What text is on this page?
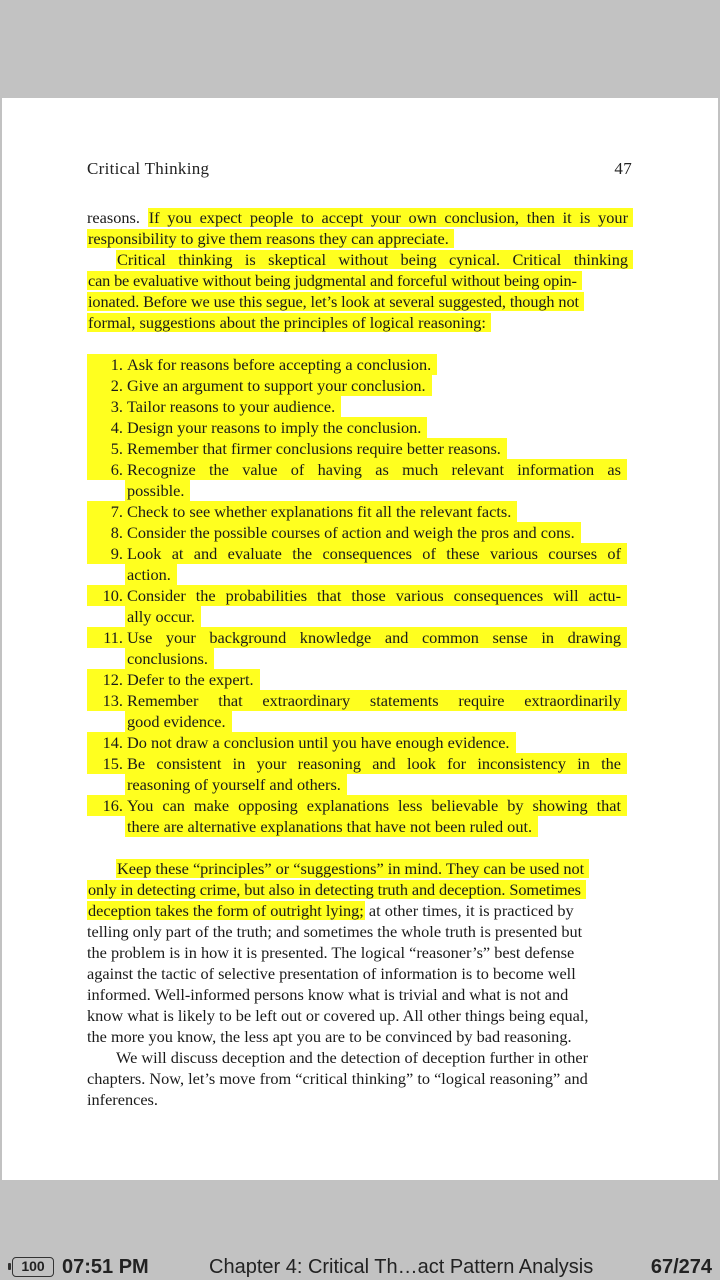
Critical Thinking	47
reasons. If you expect people to accept your own conclusion, then it is your
responsibility to give them reasons they can appreciate.
Critical thinking is skeptical without being cynical. Critical thinking
can be evaluative without being judgmental and forceful without being opin-
ionated. Before we use this segue, let’s look at several suggested, though not
formal, suggestions about the principles of logical reasoning:
1. Ask for reasons before accepting a conclusion.
2. Give an argument to support your conclusion.
3. Tailor reasons to your audience.
4. Design your reasons to imply the conclusion.
5. Remember that firmer conclusions require better reasons.
6. Recognize the value of having as much relevant information as
possible.
7. Check to see whether explanations fit all the relevant facts.
8. Consider the possible courses of action and weigh the pros and cons.
9. Look at and evaluate the consequences of these various courses of
action.
10. Consider the probabilities that those various consequences will actu-
ally occur.
11. Use your background knowledge and common sense in drawing
conclusions.
12. Defer to the expert.
13. Remember that extraordinary statements require extraordinarily
good evidence.
14. Do not draw a conclusion until you have enough evidence.
15. Be consistent in your reasoning and look for inconsistency in the
reasoning of yourself and others.
16. You can make opposing explanations less believable by showing that
there are alternative explanations that have not been ruled out.
Keep these “principles” or “suggestions” in mind. They can be used not
only in detecting crime, but also in detecting truth and deception. Sometimes
deception takes the form of outright lying; at other times, it is practiced by
telling only part of the truth; and sometimes the whole truth is presented but
the problem is in how it is presented. The logical “reasoner’s” best defense
against the tactic of selective presentation of information is to become well
informed. Well-informed persons know what is trivial and what is not and
know what is likely to be left out or covered up. All other things being equal,
the more you know, the less apt you are to be convinced by bad reasoning.
We will discuss deception and the detection of deception further in other
chapters. Now, let’s move from “critical thinking” to “logical reasoning” and
inferences.
100 07:51 PM	Chapter 4: Critical Th…act Pattern Analysis	67/274
